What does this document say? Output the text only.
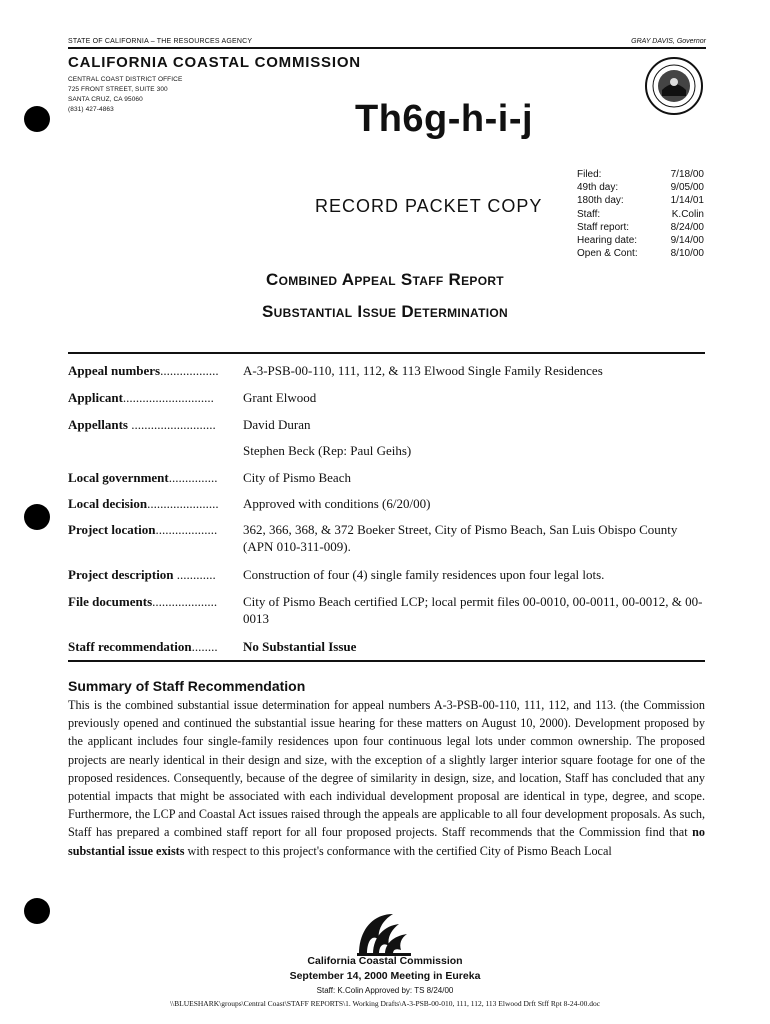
STATE OF CALIFORNIA – THE RESOURCES AGENCY	GRAY DAVIS, Governor
CALIFORNIA COASTAL COMMISSION
CENTRAL COAST DISTRICT OFFICE
725 FRONT STREET, SUITE 300
SANTA CRUZ, CA 95060
(831) 427-4863	Th6g-h-i-j
RECORD PACKET COPY
Filed:	7/18/00
49th day:	9/05/00
180th day:	1/14/01
Staff:	K.Colin
Staff report:	8/24/00
Hearing date:	9/14/00
Open & Cont:	8/10/00
Combined Appeal Staff Report
Substantial Issue Determination
Appeal numbers.................. A-3-PSB-00-110, 111, 112, & 113 Elwood Single Family Residences
Applicant............................ Grant Elwood
Appellants .......................... David Duran
Stephen Beck (Rep: Paul Geihs)
Local government............... City of Pismo Beach
Local decision...................... Approved with conditions (6/20/00)
Project location................... 362, 366, 368, & 372 Boeker Street, City of Pismo Beach, San Luis Obispo County (APN 010-311-009).
Project description ............ Construction of four (4) single family residences upon four legal lots.
File documents.................... City of Pismo Beach certified LCP; local permit files 00-0010, 00-0011, 00-0012, & 00-0013
Staff recommendation........ No Substantial Issue
Summary of Staff Recommendation
This is the combined substantial issue determination for appeal numbers A-3-PSB-00-110, 111, 112, and 113. (the Commission previously opened and continued the substantial issue hearing for these matters on August 10, 2000). Development proposed by the applicant includes four single-family residences upon four continuous legal lots under common ownership. The proposed projects are nearly identical in their design and size, with the exception of a slightly larger interior square footage for one of the proposed residences. Consequently, because of the degree of similarity in design, size, and location, Staff has concluded that any potential impacts that might be associated with each individual development proposal are identical in type, degree, and scope. Furthermore, the LCP and Coastal Act issues raised through the appeals are applicable to all four development proposals. As such, Staff has prepared a combined staff report for all four proposed projects. Staff recommends that the Commission find that no substantial issue exists with respect to this project's conformance with the certified City of Pismo Beach Local
California Coastal Commission
September 14, 2000 Meeting in Eureka
Staff: K.Colin Approved by: TS 8/24/00
\\BLUESHARK\groups\Central Coast\STAFF REPORTS\1. Working Drafts\A-3-PSB-00-010, 111, 112, 113 Elwood Drft Stff Rpt 8-24-00.doc
